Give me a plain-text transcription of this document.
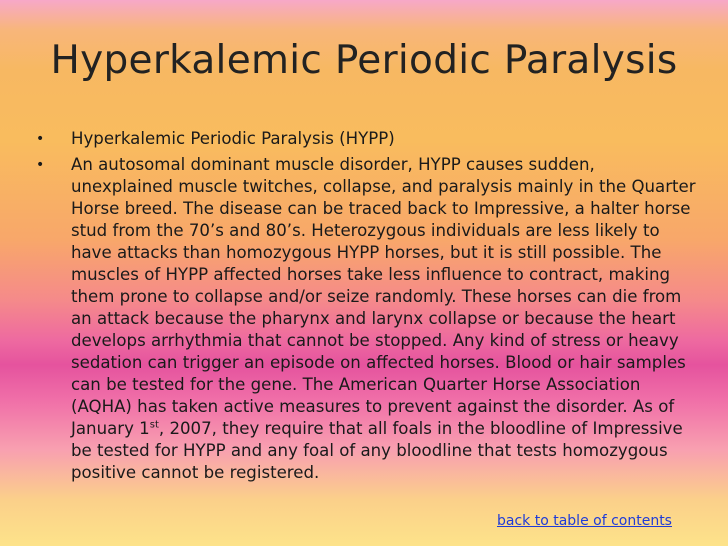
Hyperkalemic Periodic Paralysis
• Hyperkalemic Periodic Paralysis (HYPP)
• An autosomal dominant muscle disorder, HYPP causes sudden,
unexplained muscle twitches, collapse, and paralysis mainly in the Quarter
Horse breed. The disease can be traced back to Impressive, a halter horse
stud from the 70’s and 80’s. Heterozygous individuals are less likely to
have attacks than homozygous HYPP horses, but it is still possible. The
muscles of HYPP affected horses take less influence to contract, making
them prone to collapse and/or seize randomly. These horses can die from
an attack because the pharynx and larynx collapse or because the heart
develops arrhythmia that cannot be stopped. Any kind of stress or heavy
sedation can trigger an episode on affected horses. Blood or hair samples
can be tested for the gene. The American Quarter Horse Association
(AQHA) has taken active measures to prevent against the disorder. As of
January 1st, 2007, they require that all foals in the bloodline of Impressive
be tested for HYPP and any foal of any bloodline that tests homozygous
positive cannot be registered.
back to table of contents
